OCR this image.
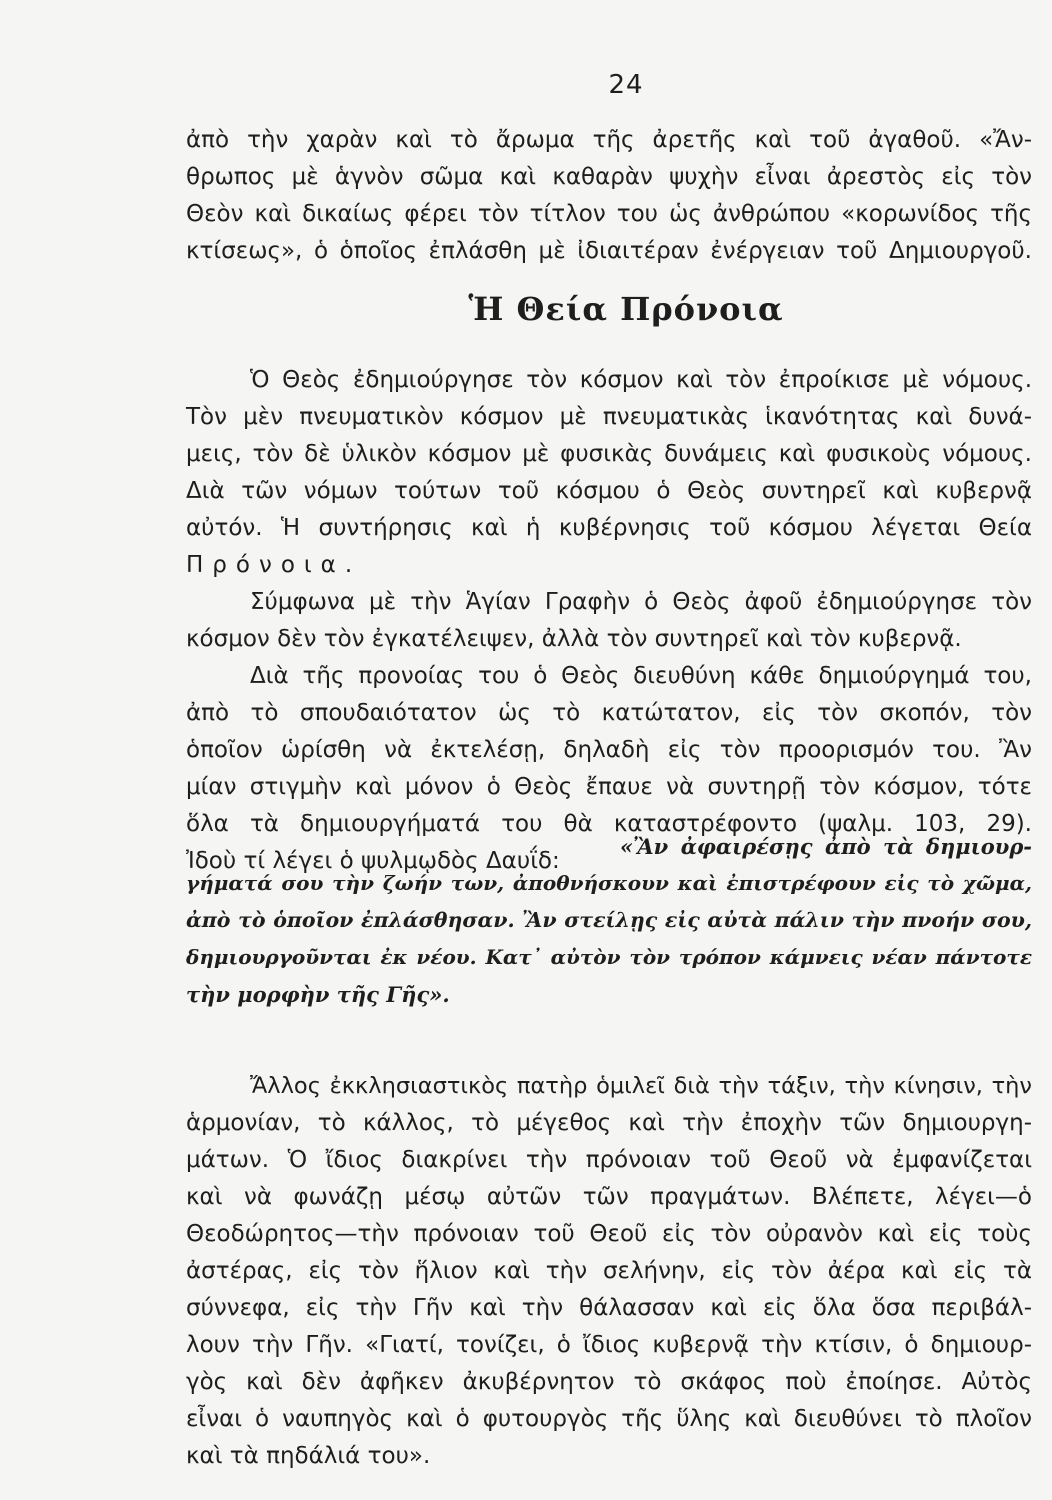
24
ἀπὸ τὴν χαρὰν καὶ τὸ ἄρωμα τῆς ἀρετῆς καὶ τοῦ ἀγαθοῦ. «Ἄν-
θρωπος μὲ ἁγνὸν σῶμα καὶ καθαρὰν ψυχὴν εἶναι ἀρεστὸς εἰς τὸν
Θεὸν καὶ δικαίως φέρει τὸν τίτλον του ὡς ἀνθρώπου «κορωνίδος τῆς
κτίσεως», ὁ ὁποῖος ἐπλάσθη μὲ ἰδιαιτέραν ἐνέργειαν τοῦ Δημιουργοῦ.
Ἡ Θεία Πρόνοια
Ὁ Θεὸς ἐδημιούργησε τὸν κόσμον καὶ τὸν ἐπροίκισε μὲ νόμους.
Τὸν μὲν πνευματικὸν κόσμον μὲ πνευματικὰς ἱκανότητας καὶ δυνά-
μεις, τὸν δὲ ὑλικὸν κόσμον μὲ φυσικὰς δυνάμεις καὶ φυσικοὺς νόμους.
Διὰ τῶν νόμων τούτων τοῦ κόσμου ὁ Θεὸς συντηρεῖ καὶ κυβερνᾷ
αὐτόν. Ἡ συντήρησις καὶ ἡ κυβέρνησις τοῦ κόσμου λέγεται Θεία
Πρόνοια.
Σύμφωνα μὲ τὴν Ἁγίαν Γραφὴν ὁ Θεὸς ἀφοῦ ἐδημιούργησε τὸν
κόσμον δὲν τὸν ἐγκατέλειψεν, ἀλλὰ τὸν συντηρεῖ καὶ τὸν κυβερνᾷ.
Διὰ τῆς προνοίας του ὁ Θεὸς διευθύνη κάθε δημιούργημά του,
ἀπὸ τὸ σπουδαιότατον ὡς τὸ κατώτατον, εἰς τὸν σκοπόν, τὸν
ὁποῖον ὡρίσθη νὰ ἐκτελέσῃ, δηλαδὴ εἰς τὸν προορισμόν του. Ἂν
μίαν στιγμὴν καὶ μόνον ὁ Θεὸς ἔπαυε νὰ συντηρῇ τὸν κόσμον, τότε
ὅλα τὰ δημιουργήματά του θὰ καταστρέφοντο (ψαλμ. 103, 29).
Ἰδοὺ τί λέγει ὁ ψυλμῳδὸς Δαυΐδ:
«Ἂν ἀφαιρέσῃς ἀπὸ τὰ δημιουρ-
γήματά σου τὴν ζωήν των, ἀποθνήσκουν καὶ ἐπιστρέφουν εἰς τὸ χῶμα,
ἀπὸ τὸ ὁποῖον ἐπλάσθησαν. Ἂν στείλῃς εἰς αὐτὰ πάλιν τὴν πνοήν σου,
δημιουργοῦνται ἐκ νέου. Κατ᾽ αὐτὸν τὸν τρόπον κάμνεις νέαν πάντοτε
τὴν μορφὴν τῆς Γῆς».
Ἄλλος ἐκκλησιαστικὸς πατὴρ ὁμιλεῖ διὰ τὴν τάξιν, τὴν κίνησιν, τὴν
ἁρμονίαν, τὸ κάλλος, τὸ μέγεθος καὶ τὴν ἐποχὴν τῶν δημιουργη-
μάτων. Ὁ ἴδιος διακρίνει τὴν πρόνοιαν τοῦ Θεοῦ νὰ ἐμφανίζεται
καὶ νὰ φωνάζῃ μέσῳ αὐτῶν τῶν πραγμάτων. Βλέπετε, λέγει—ὁ
Θεοδώρητος—τὴν πρόνοιαν τοῦ Θεοῦ εἰς τὸν οὐρανὸν καὶ εἰς τοὺς
ἀστέρας, εἰς τὸν ἥλιον καὶ τὴν σελήνην, εἰς τὸν ἀέρα καὶ εἰς τὰ
σύννεφα, εἰς τὴν Γῆν καὶ τὴν θάλασσαν καὶ εἰς ὅλα ὅσα περιβάλ-
λουν τὴν Γῆν. «Γιατί, τονίζει, ὁ ἴδιος κυβερνᾷ τὴν κτίσιν, ὁ δημιουρ-
γὸς καὶ δὲν ἀφῆκεν ἀκυβέρνητον τὸ σκάφος ποὺ ἐποίησε. Αὐτὸς
εἶναι ὁ ναυπηγὸς καὶ ὁ φυτουργὸς τῆς ὕλης καὶ διευθύνει τὸ πλοῖον
καὶ τὰ πηδάλιά του».
